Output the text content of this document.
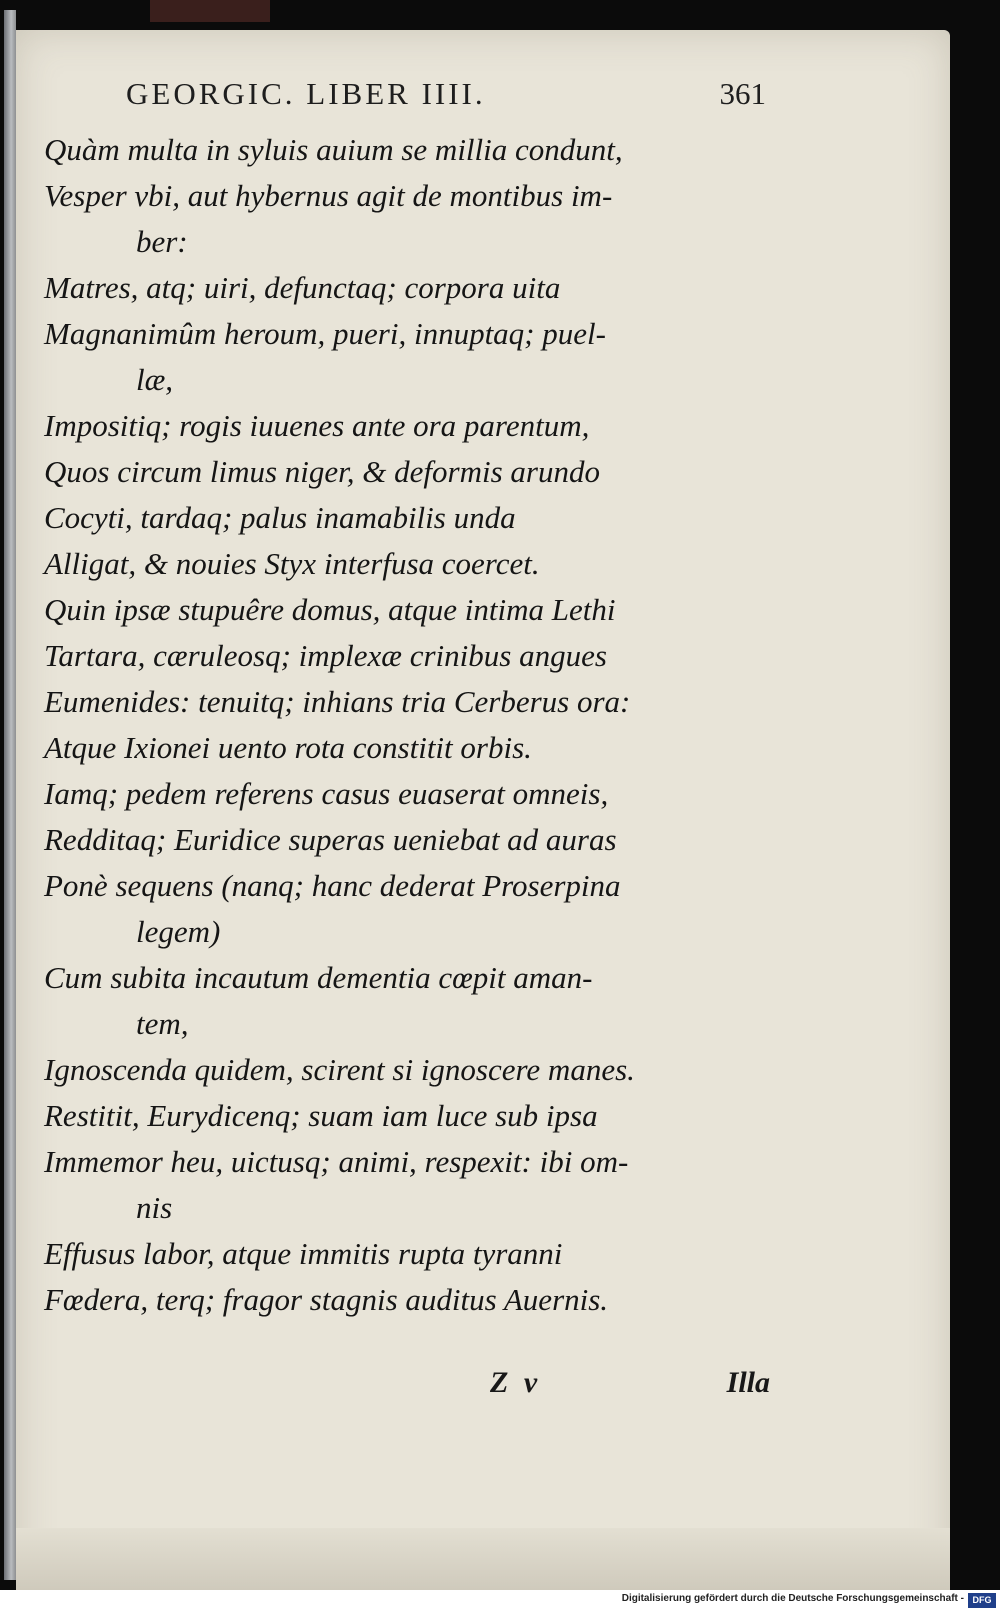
GEORGIC. LIBER IIII.	361
Quàm multa in syluis auium se millia condunt,
Vesper vbi, aut hybernus agit de montibus im-
ber:
Matres, atq; uiri, defunctaq; corpora uita
Magnanimûm heroum, pueri, innuptaq; puel-
læ,
Impositiq; rogis iuuenes ante ora parentum,
Quos circum limus niger, & deformis arundo
Cocyti, tardaq; palus inamabilis unda
Alligat, & nouies Styx interfusa coercet.
Quin ipsæ stupuêre domus, atque intima Lethi
Tartara, cæruleosq; implexæ crinibus angues
Eumenides: tenuitq; inhians tria Cerberus ora:
Atque Ixionei uento rota constitit orbis.
Iamq; pedem referens casus euaserat omneis,
Redditaq; Euridice superas ueniebat ad auras
Ponè sequens (nanq; hanc dederat Proserpina
legem)
Cum subita incautum dementia cœpit aman-
tem,
Ignoscenda quidem, scirent si ignoscere manes.
Restitit, Eurydicenq; suam iam luce sub ipsa
Immemor heu, uictusq; animi, respexit: ibi om-
nis
Effusus labor, atque immitis rupta tyranni
Fœdera, terq; fragor stagnis auditus Auernis.
Z v	Illa
Digitalisierung gefördert durch die Deutsche Forschungsgemeinschaft - DFG
